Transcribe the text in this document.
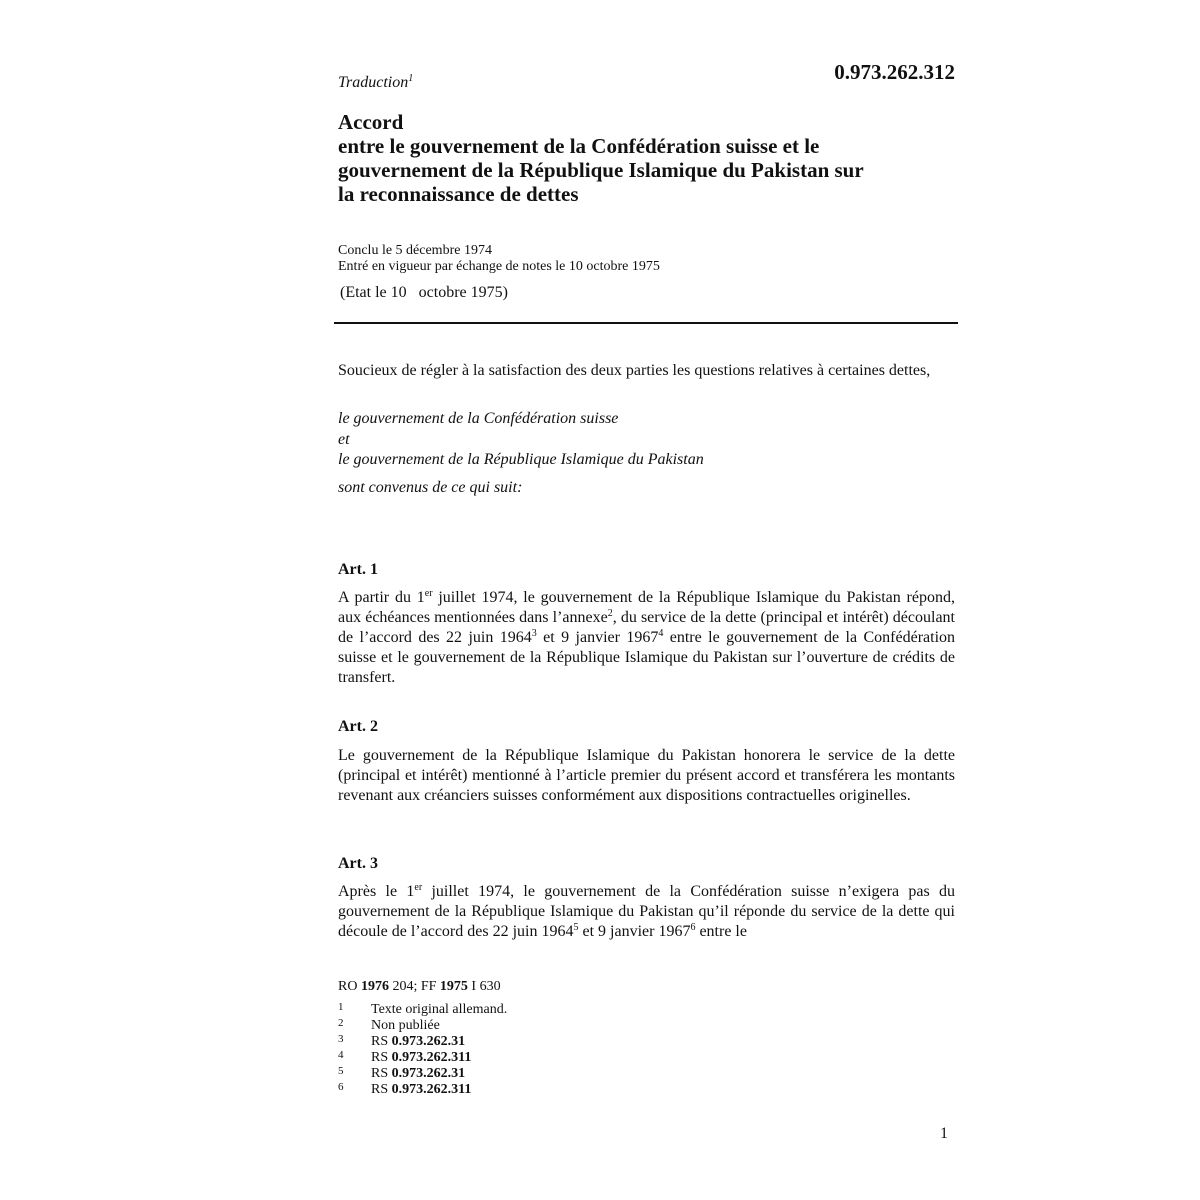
Traduction$^1$	0.973.262.312
Accord
entre le gouvernement de la Confédération suisse et le
gouvernement de la République Islamique du Pakistan sur
la reconnaissance de dettes
Conclu le 5 décembre 1974
Entré en vigueur par échange de notes le 10 octobre 1975
(Etat le 10   octobre 1975)
Soucieux de régler à la satisfaction des deux parties les questions relatives à certaines dettes,
le gouvernement de la Confédération suisse
et
le gouvernement de la République Islamique du Pakistan
sont convenus de ce qui suit:
Art. 1
A partir du 1er juillet 1974, le gouvernement de la République Islamique du Pakistan répond, aux échéances mentionnées dans l’annexe$^2$, du service de la dette (principal et intérêt) découlant de l’accord des 22 juin 1964$^3$ et 9 janvier 1967$^4$ entre le gouvernement de la Confédération suisse et le gouvernement de la République Islamique du Pakistan sur l’ouverture de crédits de transfert.
Art. 2
Le gouvernement de la République Islamique du Pakistan honorera le service de la dette (principal et intérêt) mentionné à l’article premier du présent accord et transférera les montants revenant aux créanciers suisses conformément aux dispositions contractuelles originelles.
Art. 3
Après le 1er juillet 1974, le gouvernement de la Confédération suisse n’exigera pas du gouvernement de la République Islamique du Pakistan qu’il réponde du service de la dette qui découle de l’accord des 22 juin 1964$^5$ et 9 janvier 1967$^6$ entre le
RO 1976 204; FF 1975 I 630
1 Texte original allemand.
2 Non publiée
3 RS 0.973.262.31
4 RS 0.973.262.311
5 RS 0.973.262.31
6 RS 0.973.262.311
1
